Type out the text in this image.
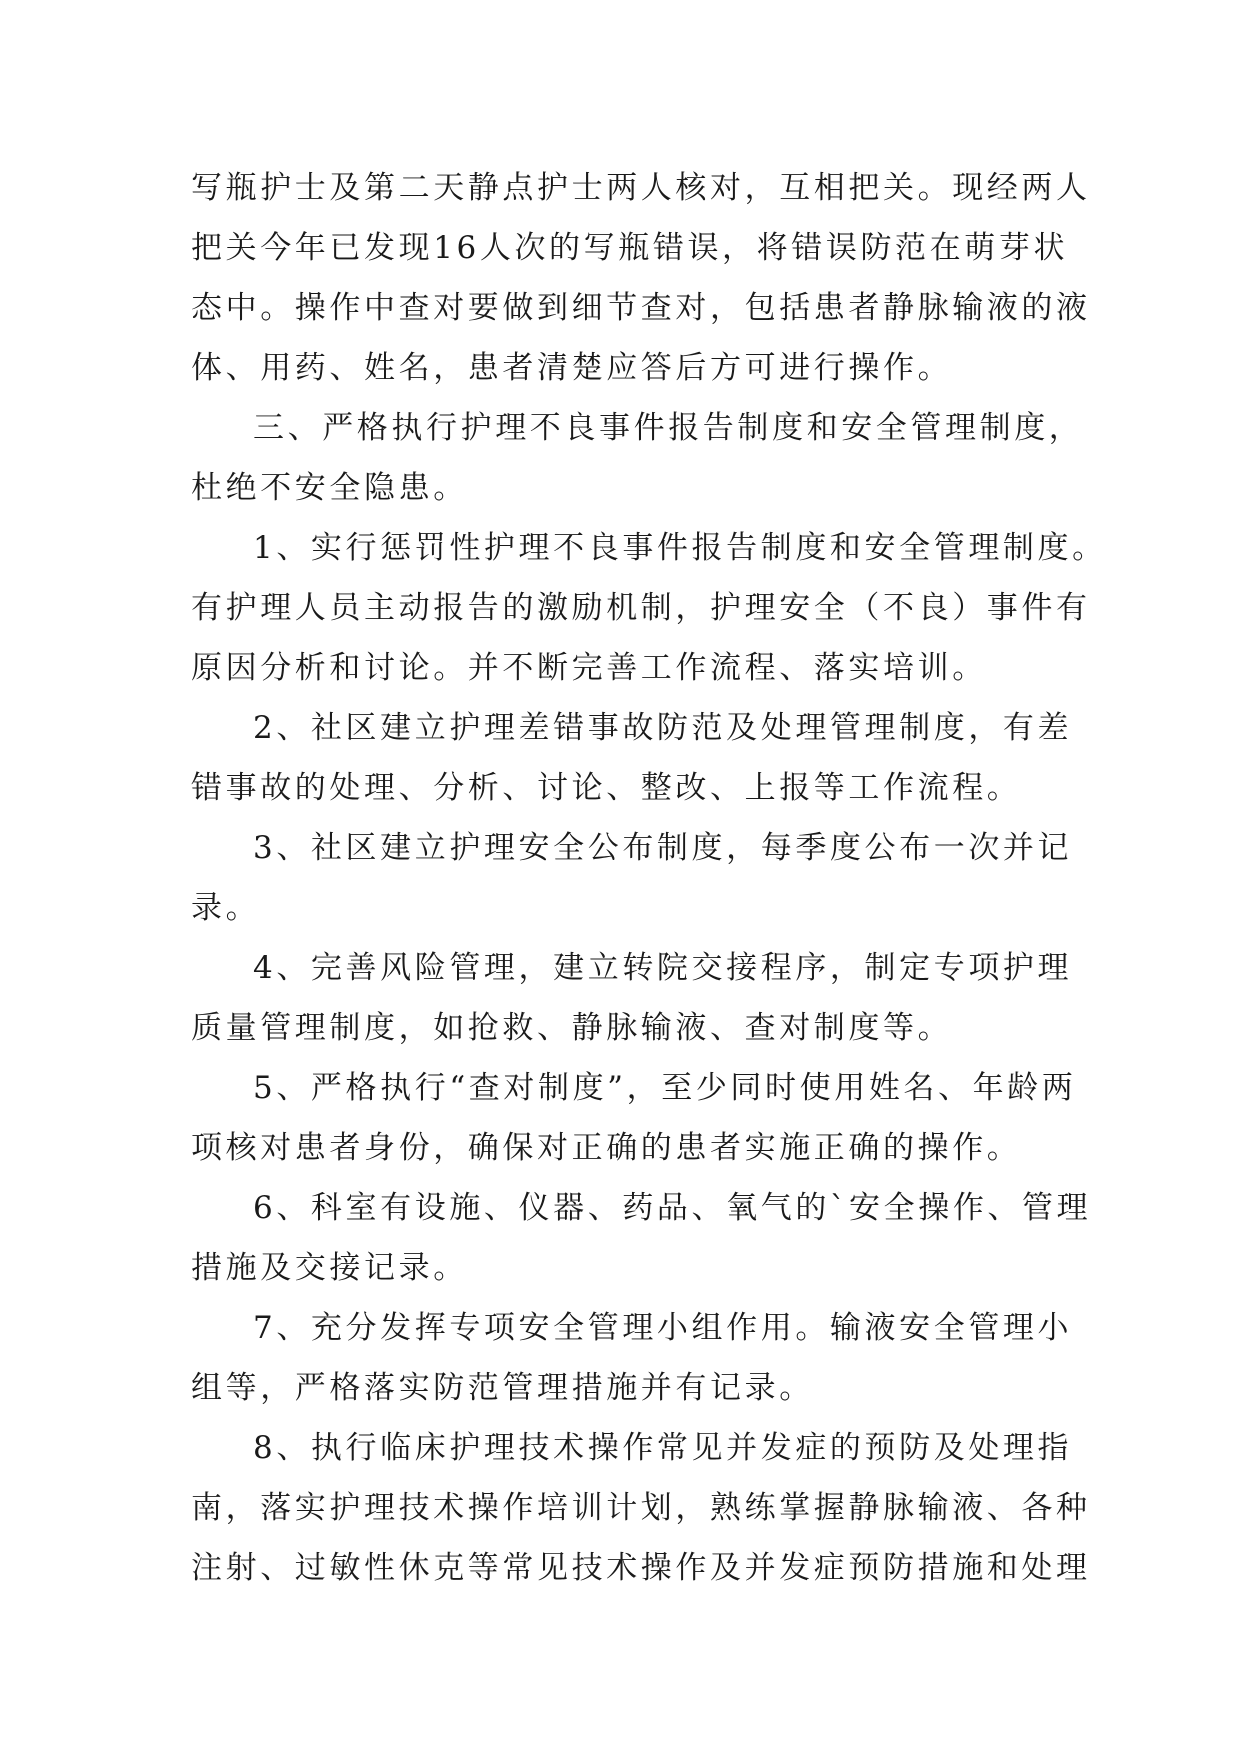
写瓶护士及第二天静点护士两人核对，互相把关。现经两人
把关今年已发现16人次的写瓶错误，将错误防范在萌芽状
态中。操作中查对要做到细节查对，包括患者静脉输液的液
体、用药、姓名，患者清楚应答后方可进行操作。
三、严格执行护理不良事件报告制度和安全管理制度，
杜绝不安全隐患。
1、实行惩罚性护理不良事件报告制度和安全管理制度。
有护理人员主动报告的激励机制，护理安全（不良）事件有
原因分析和讨论。并不断完善工作流程、落实培训。
2、社区建立护理差错事故防范及处理管理制度，有差
错事故的处理、分析、讨论、整改、上报等工作流程。
3、社区建立护理安全公布制度，每季度公布一次并记
录。
4、完善风险管理，建立转院交接程序，制定专项护理
质量管理制度，如抢救、静脉输液、查对制度等。
5、严格执行“查对制度”，至少同时使用姓名、年龄两
项核对患者身份，确保对正确的患者实施正确的操作。
6、科室有设施、仪器、药品、氧气的`安全操作、管理
措施及交接记录。
7、充分发挥专项安全管理小组作用。输液安全管理小
组等，严格落实防范管理措施并有记录。
8、执行临床护理技术操作常见并发症的预防及处理指
南，落实护理技术操作培训计划，熟练掌握静脉输液、各种
注射、过敏性休克等常见技术操作及并发症预防措施和处理
